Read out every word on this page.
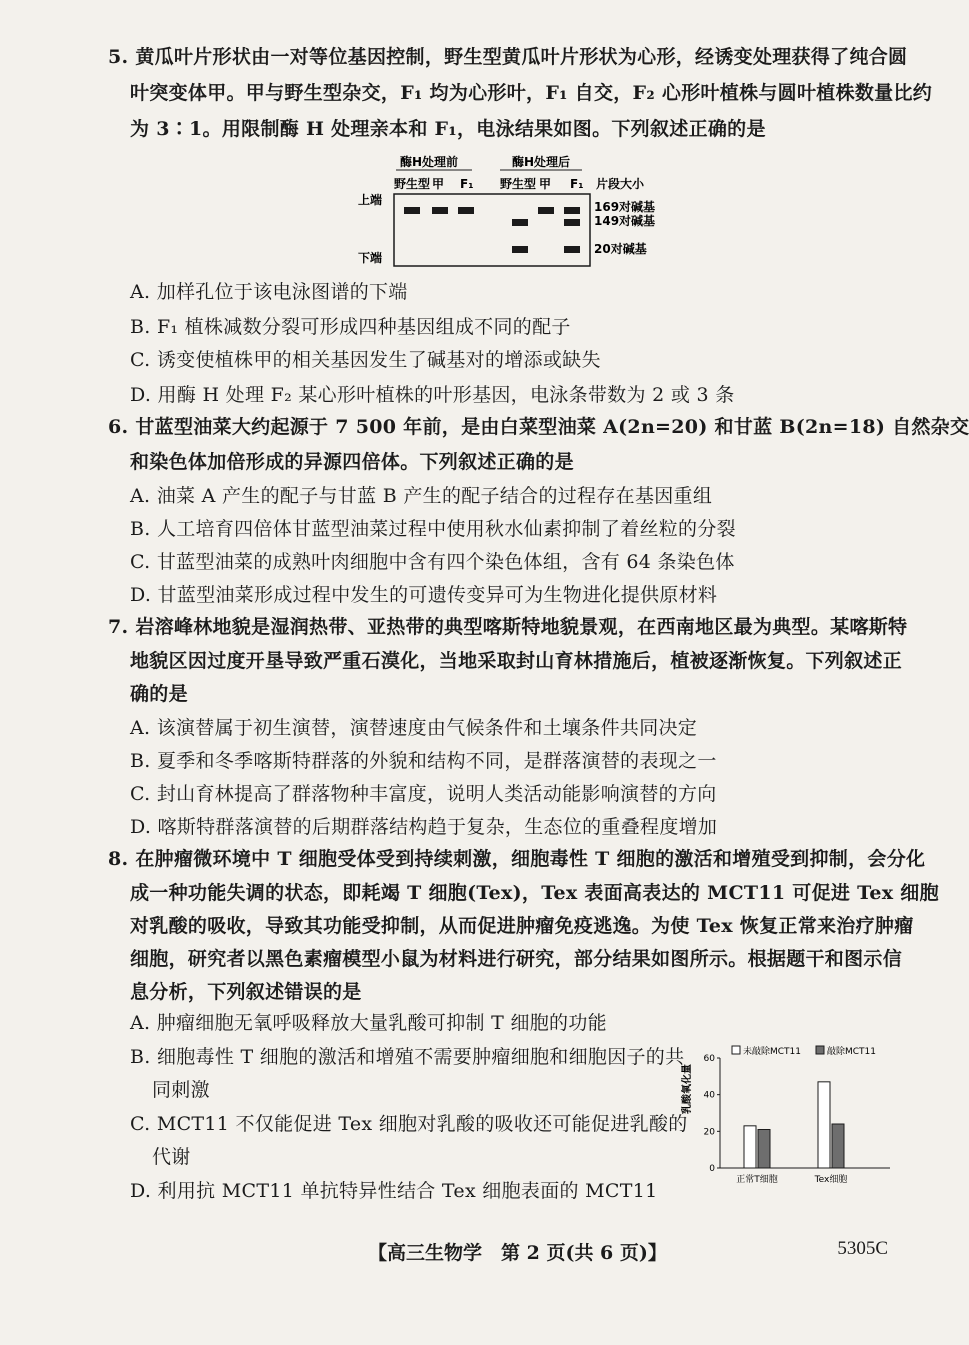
5. 黄瓜叶片形状由一对等位基因控制，野生型黄瓜叶片形状为心形，经诱变处理获得了纯合圆
叶突变体甲。甲与野生型杂交，F₁ 均为心形叶，F₁ 自交，F₂ 心形叶植株与圆叶植株数量比约
为 3∶1。用限制酶 H 处理亲本和 F₁，电泳结果如图。下列叙述正确的是
酶H处理前	酶H处理后
野生型 甲 F₁ 野生型 甲 F₁ 片段大小
上端
下端
169对碱基
149对碱基
20对碱基
A. 加样孔位于该电泳图谱的下端
B. F₁ 植株减数分裂可形成四种基因组成不同的配子
C. 诱变使植株甲的相关基因发生了碱基对的增添或缺失
D. 用酶 H 处理 F₂ 某心形叶植株的叶形基因，电泳条带数为 2 或 3 条
6. 甘蓝型油菜大约起源于 7 500 年前，是由白菜型油菜 A(2n=20) 和甘蓝 B(2n=18) 自然杂交
和染色体加倍形成的异源四倍体。下列叙述正确的是
A. 油菜 A 产生的配子与甘蓝 B 产生的配子结合的过程存在基因重组
B. 人工培育四倍体甘蓝型油菜过程中使用秋水仙素抑制了着丝粒的分裂
C. 甘蓝型油菜的成熟叶肉细胞中含有四个染色体组，含有 64 条染色体
D. 甘蓝型油菜形成过程中发生的可遗传变异可为生物进化提供原材料
7. 岩溶峰林地貌是湿润热带、亚热带的典型喀斯特地貌景观，在西南地区最为典型。某喀斯特
地貌区因过度开垦导致严重石漠化，当地采取封山育林措施后，植被逐渐恢复。下列叙述正
确的是
A. 该演替属于初生演替，演替速度由气候条件和土壤条件共同决定
B. 夏季和冬季喀斯特群落的外貌和结构不同，是群落演替的表现之一
C. 封山育林提高了群落物种丰富度，说明人类活动能影响演替的方向
D. 喀斯特群落演替的后期群落结构趋于复杂，生态位的重叠程度增加
8. 在肿瘤微环境中 T 细胞受体受到持续刺激，细胞毒性 T 细胞的激活和增殖受到抑制，会分化
成一种功能失调的状态，即耗竭 T 细胞(Tex)，Tex 表面高表达的 MCT11 可促进 Tex 细胞
对乳酸的吸收，导致其功能受抑制，从而促进肿瘤免疫逃逸。为使 Tex 恢复正常来治疗肿瘤
细胞，研究者以黑色素瘤模型小鼠为材料进行研究，部分结果如图所示。根据题干和图示信
息分析，下列叙述错误的是
A. 肿瘤细胞无氧呼吸释放大量乳酸可抑制 T 细胞的功能
B. 细胞毒性 T 细胞的激活和增殖不需要肿瘤细胞和细胞因子的共
同刺激
C. MCT11 不仅能促进 Tex 细胞对乳酸的吸收还可能促进乳酸的
代谢
D. 利用抗 MCT11 单抗特异性结合 Tex 细胞表面的 MCT11
乳酸氧化量
0
20
40
60
正常T细胞	Tex细胞
未敲除MCT11	敲除MCT11
【高三生物学　第 2 页(共 6 页)】	5305C
